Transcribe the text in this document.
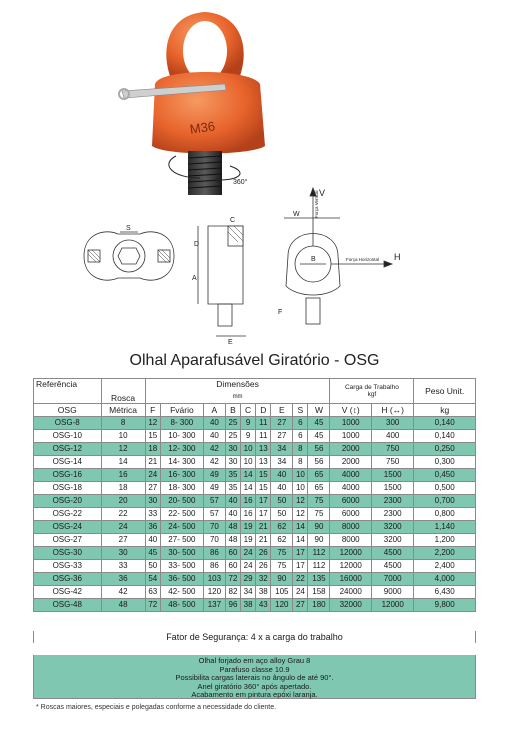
M36
360°
S
E
C
D
A
B
W
F
V
Força Vertical
H
Força Horizontal
Olhal Aparafusável Giratório - OSG
Referência	Rosca	Dimensões									Carga de Trabalho
kgf		Peso Unit.
		mm											
OSG	Métrica	F	Fvário	A	B	C	D	E	S	W	V (↕)	H (↔)	kg
OSG-8	8	12	8- 300	40	25	9	11	27	6	45	1000	300	0,140
OSG-10	10	15	10- 300	40	25	9	11	27	6	45	1000	400	0,140
OSG-12	12	18	12- 300	42	30	10	13	34	8	56	2000	750	0,250
OSG-14	14	21	14- 300	42	30	10	13	34	8	56	2000	750	0,300
OSG-16	16	24	16- 300	49	35	14	15	40	10	65	4000	1500	0,450
OSG-18	18	27	18- 300	49	35	14	15	40	10	65	4000	1500	0,500
OSG-20	20	30	20- 500	57	40	16	17	50	12	75	6000	2300	0,700
OSG-22	22	33	22- 500	57	40	16	17	50	12	75	6000	2300	0,800
OSG-24	24	36	24- 500	70	48	19	21	62	14	90	8000	3200	1,140
OSG-27	27	40	27- 500	70	48	19	21	62	14	90	8000	3200	1,200
OSG-30	30	45	30- 500	86	60	24	26	75	17	112	12000	4500	2,200
OSG-33	33	50	33- 500	86	60	24	26	75	17	112	12000	4500	2,400
OSG-36	36	54	36- 500	103	72	29	32	90	22	135	16000	7000	4,000
OSG-42	42	63	42- 500	120	82	34	38	105	24	158	24000	9000	6,430
OSG-48	48	72	48- 500	137	96	38	43	120	27	180	32000	12000	9,800
Fator de Segurança: 4 x a carga do trabalho
Olhal forjado em aço alloy Grau 8
Parafuso classe 10.9
Possibilita cargas laterais no ângulo de até 90°.
Anel giratório 360° após apertado.
Acabamento em pintura epóxi laranja.
* Roscas maiores, especiais e polegadas conforme a necessidade do cliente.
